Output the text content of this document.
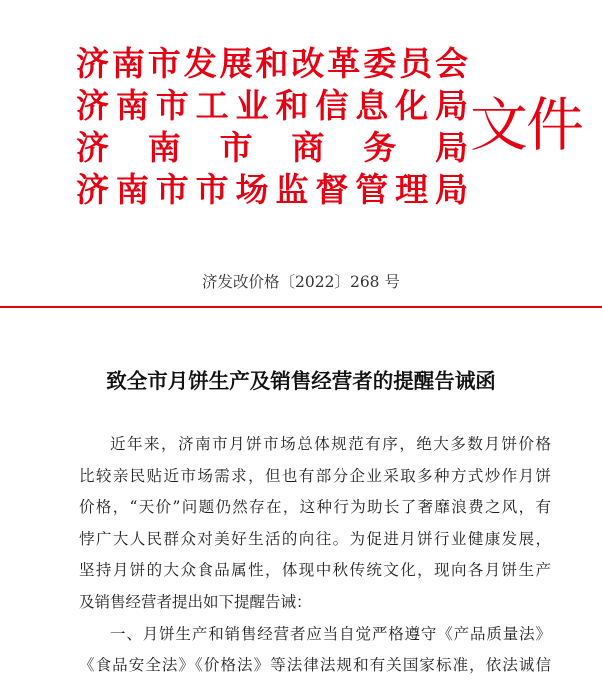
济南市发展和改革委员会
济南市工业和信息化局
济南市商务局
济南市市场监督管理局
文件
济发改价格〔2022〕268 号
致全市月饼生产及销售经营者的提醒告诫函
近年来，济南市月饼市场总体规范有序，绝大多数月饼价格
比较亲民贴近市场需求，但也有部分企业采取多种方式炒作月饼
价格，“天价”问题仍然存在，这种行为助长了奢靡浪费之风，有
悖广大人民群众对美好生活的向往。为促进月饼行业健康发展，
坚持月饼的大众食品属性，体现中秋传统文化，现向各月饼生产
及销售经营者提出如下提醒告诫：
一、月饼生产和销售经营者应当自觉严格遵守《产品质量法》
《食品安全法》《价格法》等法律法规和有关国家标准，依法诚信
